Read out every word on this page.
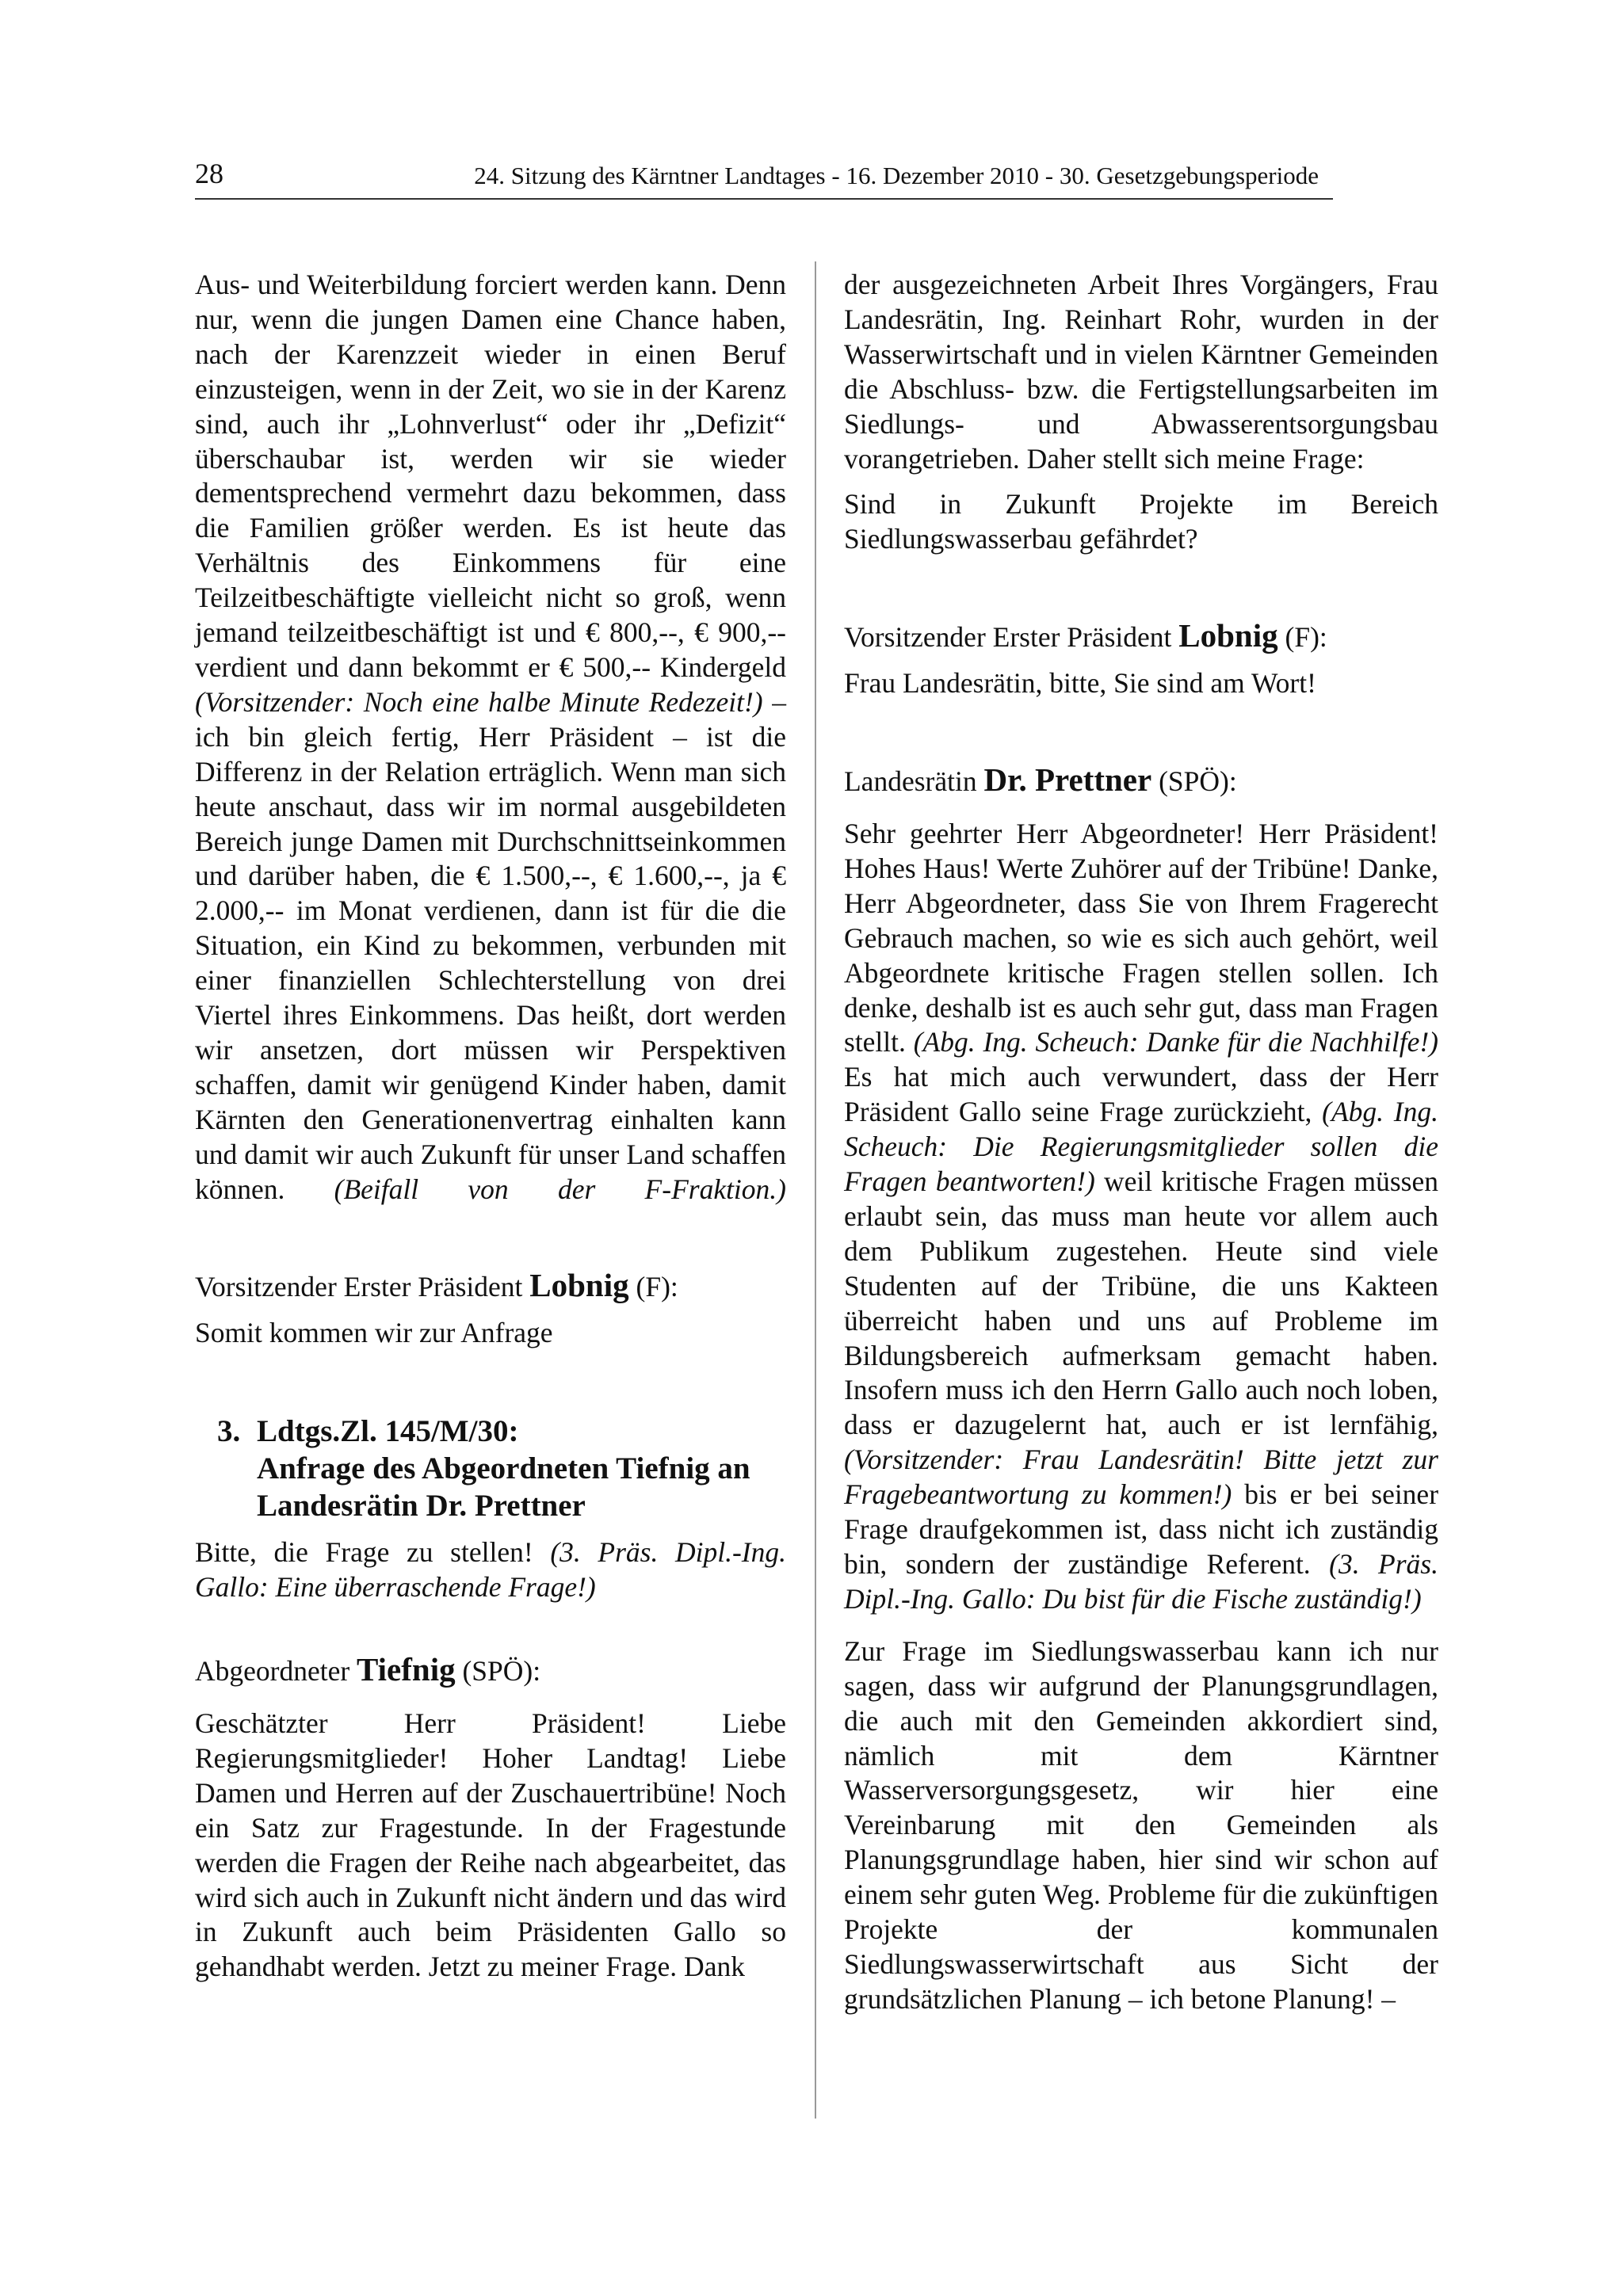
28	24. Sitzung des Kärntner Landtages - 16. Dezember 2010 - 30. Gesetzgebungsperiode

Aus- und Weiterbildung forciert werden kann. Denn nur, wenn die jungen Damen eine Chance haben, nach der Karenzzeit wieder in einen Beruf einzusteigen, wenn in der Zeit, wo sie in der Karenz sind, auch ihr „Lohnverlust“ oder ihr „Defizit“ überschaubar ist, werden wir sie wieder dementsprechend vermehrt dazu bekommen, dass die Familien größer werden. Es ist heute das Verhältnis des Einkommens für eine Teilzeitbeschäftigte vielleicht nicht so groß, wenn jemand teilzeitbeschäftigt ist und € 800,--, € 900,-- verdient und dann bekommt er € 500,-- Kindergeld (Vorsitzender: Noch eine halbe Minute Redezeit!) – ich bin gleich fertig, Herr Präsident – ist die Differenz in der Relation erträglich. Wenn man sich heute anschaut, dass wir im normal ausgebildeten Bereich junge Damen mit Durchschnittseinkommen und darüber haben, die € 1.500,--, € 1.600,--, ja € 2.000,-- im Monat verdienen, dann ist für die die Situation, ein Kind zu bekommen, verbunden mit einer finanziellen Schlechterstellung von drei Viertel ihres Einkommens. Das heißt, dort werden wir ansetzen, dort müssen wir Perspektiven schaffen, damit wir genügend Kinder haben, damit Kärnten den Generationenvertrag einhalten kann und damit wir auch Zukunft für unser Land schaffen können. (Beifall von der F-Fraktion.)

Vorsitzender Erster Präsident Lobnig (F):

Somit kommen wir zur Anfrage

3. Ldtgs.Zl. 145/M/30:
Anfrage des Abgeordneten Tiefnig an
Landesrätin Dr. Prettner

Bitte, die Frage zu stellen! (3. Präs. Dipl.-Ing. Gallo: Eine überraschende Frage!)

Abgeordneter Tiefnig (SPÖ):

Geschätzter Herr Präsident! Liebe Regierungsmitglieder! Hoher Landtag! Liebe Damen und Herren auf der Zuschauertribüne! Noch ein Satz zur Fragestunde. In der Fragestunde werden die Fragen der Reihe nach abgearbeitet, das wird sich auch in Zukunft nicht ändern und das wird in Zukunft auch beim Präsidenten Gallo so gehandhabt werden. Jetzt zu meiner Frage. Dank

der ausgezeichneten Arbeit Ihres Vorgängers, Frau Landesrätin, Ing. Reinhart Rohr, wurden in der Wasserwirtschaft und in vielen Kärntner Gemeinden die Abschluss- bzw. die Fertigstellungsarbeiten im Siedlungs- und Abwasserentsorgungsbau vorangetrieben. Daher stellt sich meine Frage:

Sind in Zukunft Projekte im Bereich Siedlungswasserbau gefährdet?

Vorsitzender Erster Präsident Lobnig (F):

Frau Landesrätin, bitte, Sie sind am Wort!

Landesrätin Dr. Prettner (SPÖ):

Sehr geehrter Herr Abgeordneter! Herr Präsident! Hohes Haus! Werte Zuhörer auf der Tribüne! Danke, Herr Abgeordneter, dass Sie von Ihrem Fragerecht Gebrauch machen, so wie es sich auch gehört, weil Abgeordnete kritische Fragen stellen sollen. Ich denke, deshalb ist es auch sehr gut, dass man Fragen stellt. (Abg. Ing. Scheuch: Danke für die Nachhilfe!) Es hat mich auch verwundert, dass der Herr Präsident Gallo seine Frage zurückzieht, (Abg. Ing. Scheuch: Die Regierungsmitglieder sollen die Fragen beantworten!) weil kritische Fragen müssen erlaubt sein, das muss man heute vor allem auch dem Publikum zugestehen. Heute sind viele Studenten auf der Tribüne, die uns Kakteen überreicht haben und uns auf Probleme im Bildungsbereich aufmerksam gemacht haben. Insofern muss ich den Herrn Gallo auch noch loben, dass er dazugelernt hat, auch er ist lernfähig, (Vorsitzender: Frau Landesrätin! Bitte jetzt zur Fragebeantwortung zu kommen!) bis er bei seiner Frage draufgekommen ist, dass nicht ich zuständig bin, sondern der zuständige Referent. (3. Präs. Dipl.-Ing. Gallo: Du bist für die Fische zuständig!)

Zur Frage im Siedlungswasserbau kann ich nur sagen, dass wir aufgrund der Planungsgrundlagen, die auch mit den Gemeinden akkordiert sind, nämlich mit dem Kärntner Wasserversorgungsgesetz, wir hier eine Vereinbarung mit den Gemeinden als Planungsgrundlage haben, hier sind wir schon auf einem sehr guten Weg. Probleme für die zukünftigen Projekte der kommunalen Siedlungswasserwirtschaft aus Sicht der grundsätzlichen Planung – ich betone Planung! –
